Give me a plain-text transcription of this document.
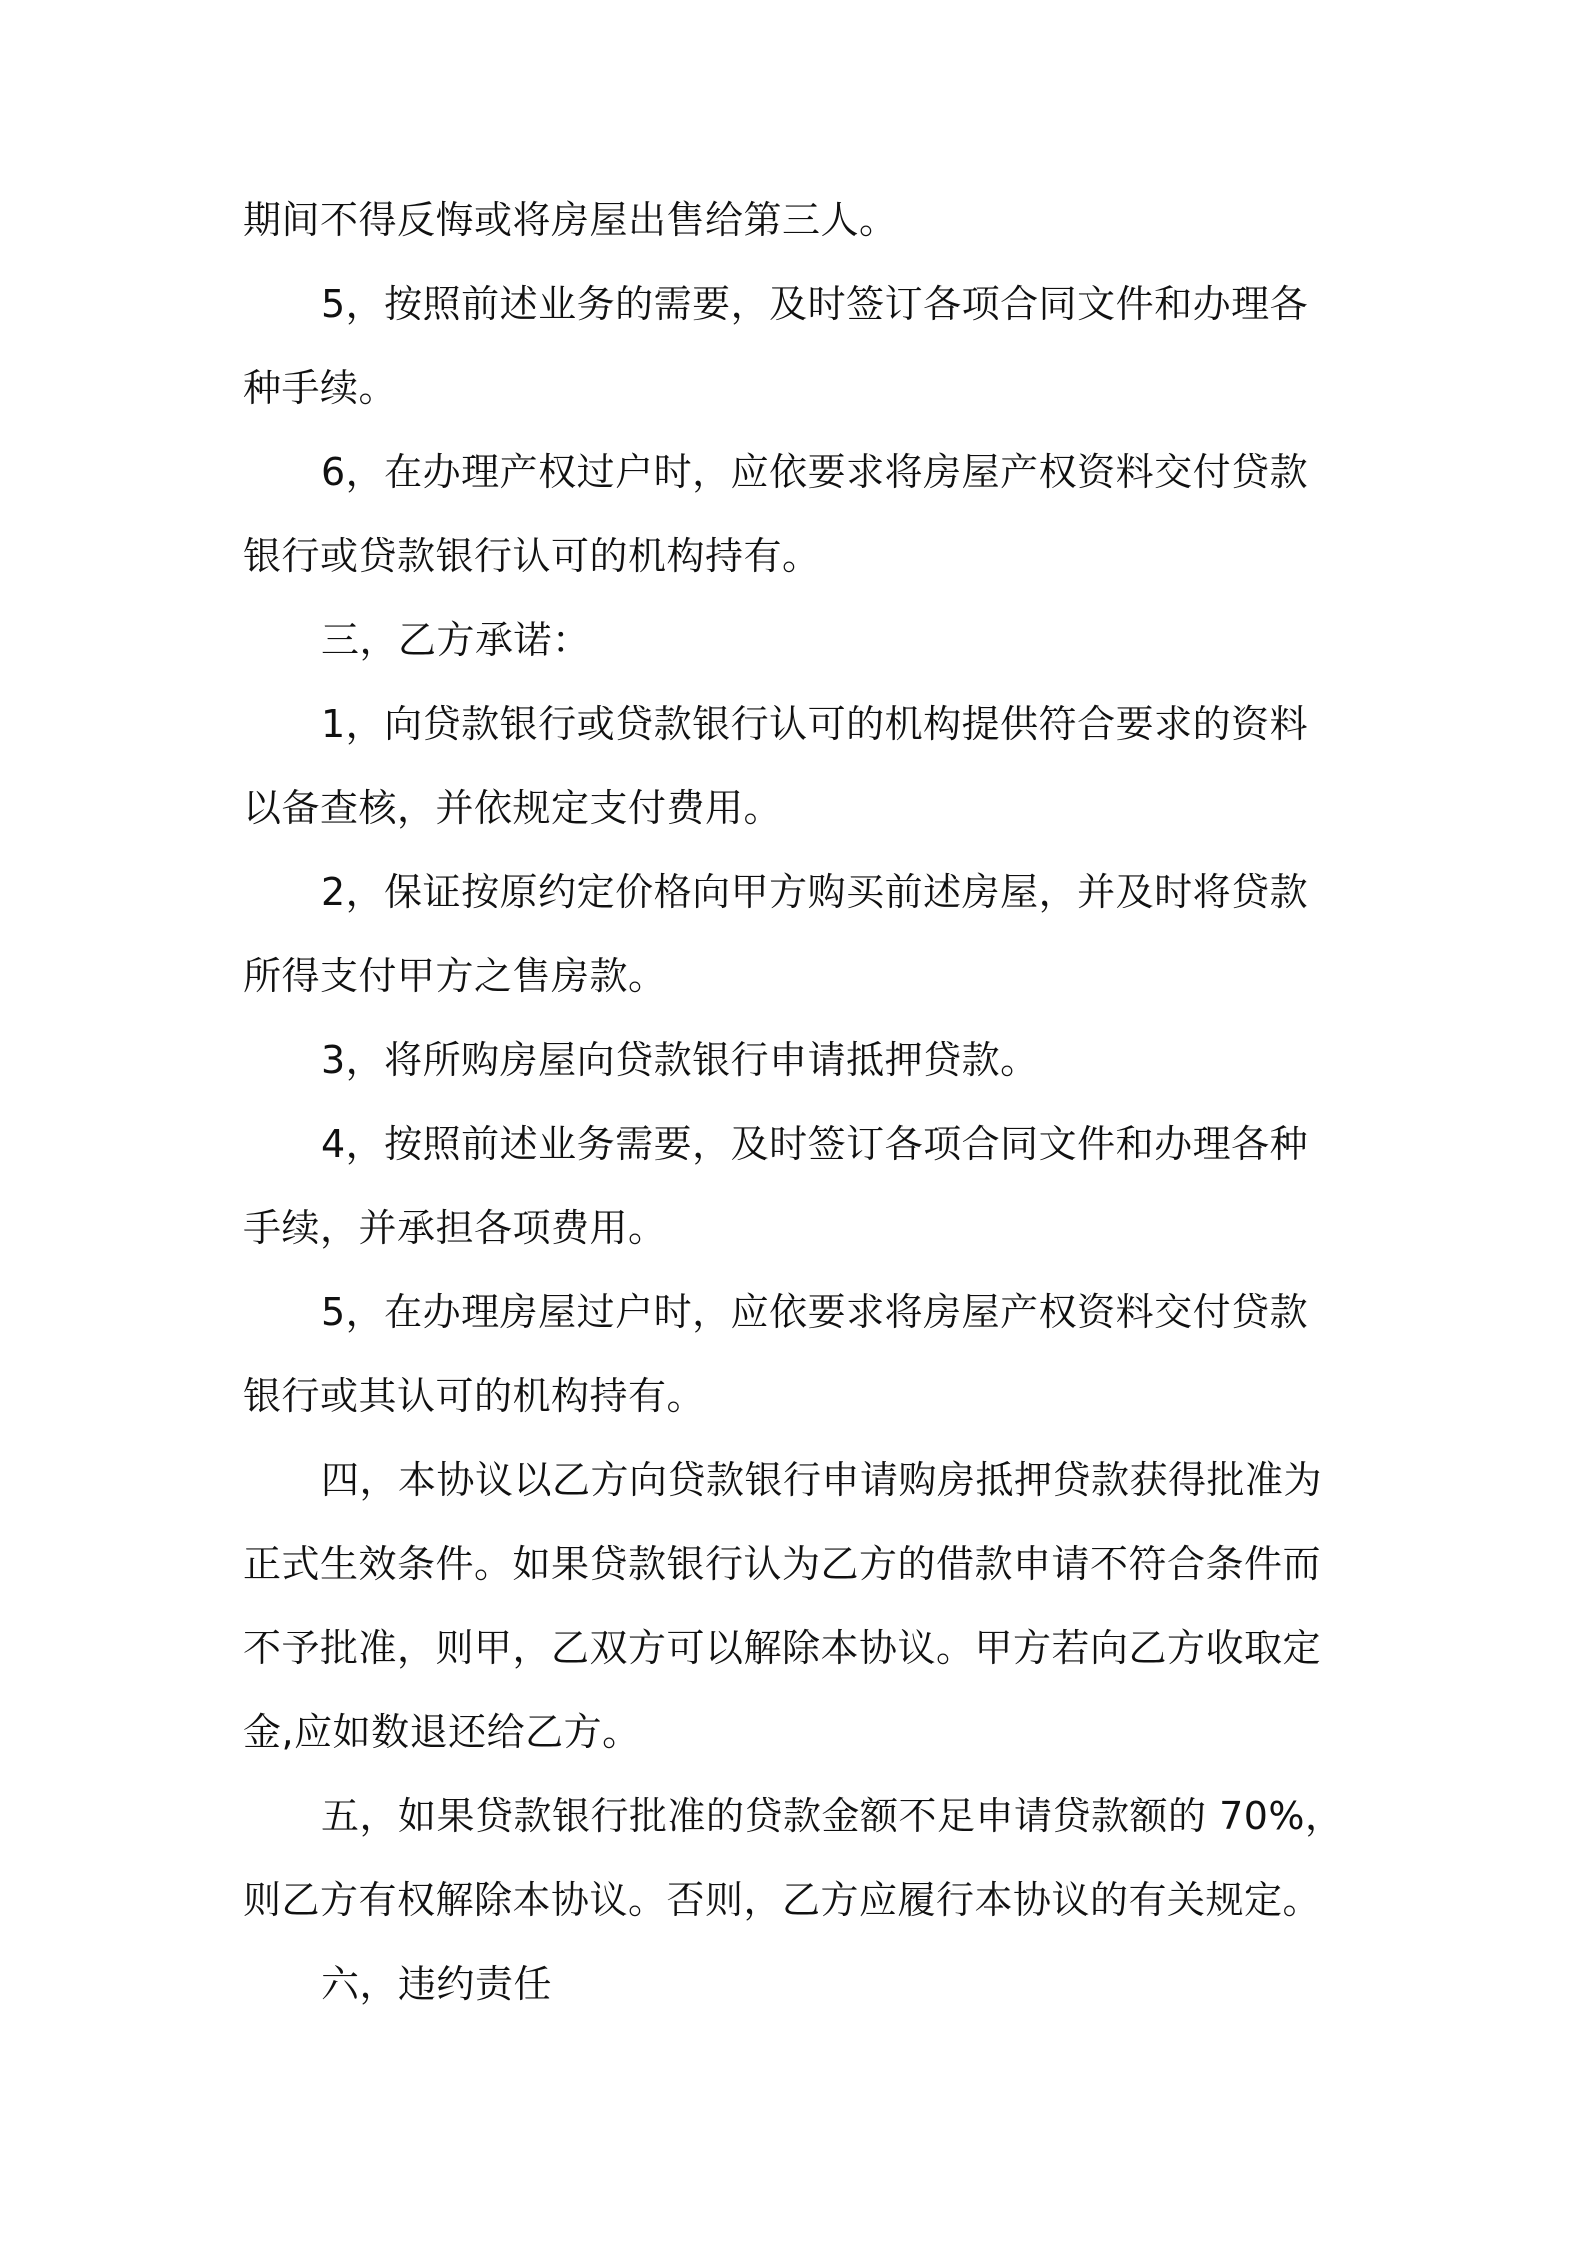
期间不得反悔或将房屋出售给第三人。
5，按照前述业务的需要，及时签订各项合同文件和办理各
种手续。
6，在办理产权过户时，应依要求将房屋产权资料交付贷款
银行或贷款银行认可的机构持有。
三，乙方承诺：
1，向贷款银行或贷款银行认可的机构提供符合要求的资料
以备查核，并依规定支付费用。
2，保证按原约定价格向甲方购买前述房屋，并及时将贷款
所得支付甲方之售房款。
3，将所购房屋向贷款银行申请抵押贷款。
4，按照前述业务需要，及时签订各项合同文件和办理各种
手续，并承担各项费用。
5，在办理房屋过户时，应依要求将房屋产权资料交付贷款
银行或其认可的机构持有。
四，本协议以乙方向贷款银行申请购房抵押贷款获得批准为
正式生效条件。如果贷款银行认为乙方的借款申请不符合条件而
不予批准，则甲，乙双方可以解除本协议。甲方若向乙方收取定
金,应如数退还给乙方。
五，如果贷款银行批准的贷款金额不足申请贷款额的 70%，
则乙方有权解除本协议。否则，乙方应履行本协议的有关规定。
六，违约责任
